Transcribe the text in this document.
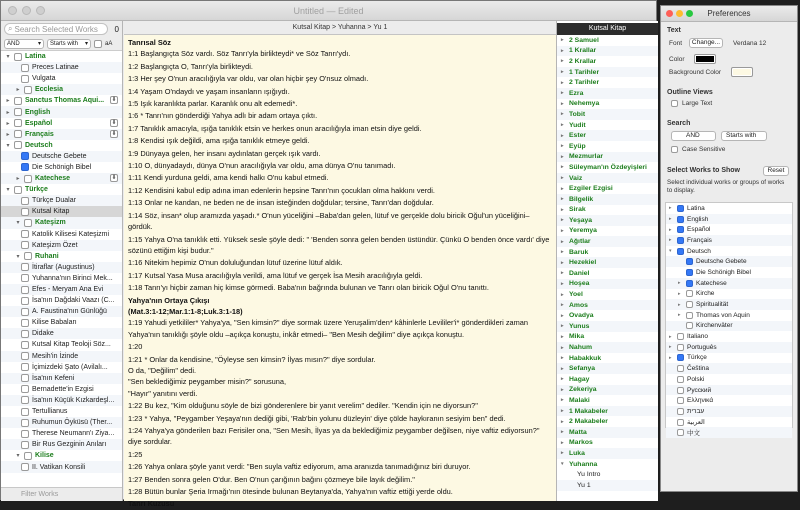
Untitled — Edited
⌕ Search Selected Works	0
AND	▾ Starts with ▾	aA
▾ Latina
Preces Latinae
Vulgata
▸ Ecclesia
▸ Sanctus Thomas Aqui... ⬇
▸ English
▸ Español	⬇
▸ Français	⬇
▾ Deutsch
Deutsche Gebete
Die Schönigh Bibel
▸ Katechese	⬇
▾ Türkçe
Türkçe Dualar
Kutsal Kitap
▾ Kateşizm
Katolik Kilisesi Kateşizmi
Kateşizm Özet
▾ Ruhani
İtiraflar (Augustinus)
Yuhanna'nın Birinci Mek...
Efes - Meryam Ana Evi
İsa'nın Dağdaki Vaazı (C...
A. Faustina'nın Günlüğü
Kilise Babaları
Didake
Kutsal Kitap Teoloji Söz...
Mesih'in İzinde
İçimizdeki Şato (Avilalı...
İsa'nın Kefeni
Bernadette'in Ezgisi
İsa'nın Küçük Kızkardeşl...
Tertullianus
Ruhumun Öyküsü (Ther...
Therese Neumann'ı Ziya...
Bir Rus Gezginin Anıları
▾ Kilise
II. Vatikan Konsili
Filter Works
Kutsal Kitap > Yuhanna > Yu 1
Tanrısal Söz
1:1 Başlangıçta Söz vardı. Söz Tanrı'yla birlikteydi* ve Söz Tanrı'ydı.
1:2 Başlangıçta O, Tanrı'yla birlikteydi.
1:3 Her şey O'nun aracılığıyla var oldu, var olan hiçbir şey O'nsuz olmadı.
1:4 Yaşam O'ndaydı ve yaşam insanların ışığıydı.
1:5 Işık karanlıkta parlar. Karanlık onu alt edemedi*.
1:6 * Tanrı'nın gönderdiği Yahya adlı bir adam ortaya çıktı.
1:7 Tanıklık amacıyla, ışığa tanıklık etsin ve herkes onun aracılığıyla iman etsin diye geldi.
1:8 Kendisi ışık değildi, ama ışığa tanıklık etmeye geldi.
1:9 Dünyaya gelen, her insanı aydınlatan gerçek ışık vardı.
1:10 O, dünyadaydı, dünya O'nun aracılığıyla var oldu, ama dünya O'nu tanımadı.
1:11 Kendi yurduna geldi, ama kendi halkı O'nu kabul etmedi.
1:12 Kendisini kabul edip adına iman edenlerin hepsine Tanrı'nın çocukları olma hakkını verdi.
1:13 Onlar ne kandan, ne beden ne de insan isteğinden doğdular; tersine, Tanrı'dan doğdular.
1:14 Söz, insan* olup aramızda yaşadı.* O'nun yüceliğini –Baba'dan gelen, lütuf ve gerçekle dolu biricik Oğul'un yüceliğini– gördük.
1:15 Yahya O'na tanıklık etti. Yüksek sesle şöyle dedi: " 'Benden sonra gelen benden üstündür. Çünkü O benden önce vardı' diye sözünü ettiğim kişi budur."
1:16 Nitekim hepimiz O'nun doluluğundan lütuf üzerine lütuf aldık.
1:17 Kutsal Yasa Musa aracılığıyla verildi, ama lütuf ve gerçek İsa Mesih aracılığıyla geldi.
1:18 Tanrı'yı hiçbir zaman hiç kimse görmedi. Baba'nın bağrında bulunan ve Tanrı olan biricik Oğul O'nu tanıttı.
Yahya'nın Ortaya Çıkışı
(Mat.3:1-12;Mar.1:1-8;Luk.3:1-18)
1:19 Yahudi yetkililer* Yahya'ya, "Sen kimsin?" diye sormak üzere Yeruşalim'den* kâhinlerle Levililer'i* gönderdikleri zaman Yahya'nın tanıklığı şöyle oldu –açıkça konuştu, inkâr etmedi– "Ben Mesih değilim" diye açıkça konuştu.
1:20
1:21 * Onlar da kendisine, "Öyleyse sen kimsin? İlyas mısın?" diye sordular.
O da, "Değilim" dedi.
"Sen beklediğimiz peygamber misin?" sorusuna,
"Hayır" yanıtını verdi.
1:22 Bu kez, "Kim olduğunu söyle de bizi gönderenlere bir yanıt verelim" dediler. "Kendin için ne diyorsun?"
1:23 * Yahya, "Peygamber Yeşaya'nın dediği gibi, 'Rab'bin yolunu düzleyin' diye çölde haykıranın sesiyim ben" dedi.
1:24 Yahya'ya gönderilen bazı Ferisiler ona, "Sen Mesih, İlyas ya da beklediğimiz peygamber değilsen, niye vaftiz ediyorsun?" diye sordular.
1:25
1:26 Yahya onlara şöyle yanıt verdi: "Ben suyla vaftiz ediyorum, ama aranızda tanımadığınız biri duruyor.
1:27 Benden sonra gelen O'dur. Ben O'nun çarığının bağını çözmeye bile layık değilim."
1:28 Bütün bunlar Şeria Irmağı'nın ötesinde bulunan Beytanya'da, Yahya'nın vaftiz ettiği yerde oldu.
Tanrı Kuzusu
Kutsal Kitap
▸ 2 Samuel
▸ 1 Krallar
▸ 2 Krallar
▸ 1 Tarihler
▸ 2 Tarihler
▸ Ezra
▸ Nehemya
▸ Tobit
▸ Yudit
▸ Ester
▸ Eyüp
▸ Mezmurlar
▸ Süleyman'ın Özdeyişleri
▸ Vaiz
▸ Ezgiler Ezgisi
▸ Bilgelik
▸ Sirak
▸ Yeşaya
▸ Yeremya
▸ Ağıtlar
▸ Baruk
▸ Hezekiel
▸ Daniel
▸ Hoşea
▸ Yoel
▸ Amos
▸ Ovadya
▸ Yunus
▸ Mika
▸ Nahum
▸ Habakkuk
▸ Sefanya
▸ Hagay
▸ Zekeriya
▸ Malaki
▸ 1 Makabeler
▸ 2 Makabeler
▸ Matta
▸ Markos
▸ Luka
▾ Yuhanna
Yu Intro
Yu 1
Preferences
Text
Font	Change...	Verdana 12
Color
Background Color
Outline Views
Large Text
Search
AND	Starts with
Case Sensitive
Select Works to Show	Reset
Select individual works or groups of works to display.
▸	Latina
▸	English
▸	Español
▸	Français
▾	Deutsch
Deutsche Gebete
Die Schönigh Bibel
▸	Katechese
▸	Kirche
▸	Spiritualität
▸	Thomas von Aquin
Kirchenväter
▸	Italiano
▸	Português
▸	Türkçe
Čeština
Polski
Русский
Ελληνικά
עברית
العربية
中文
